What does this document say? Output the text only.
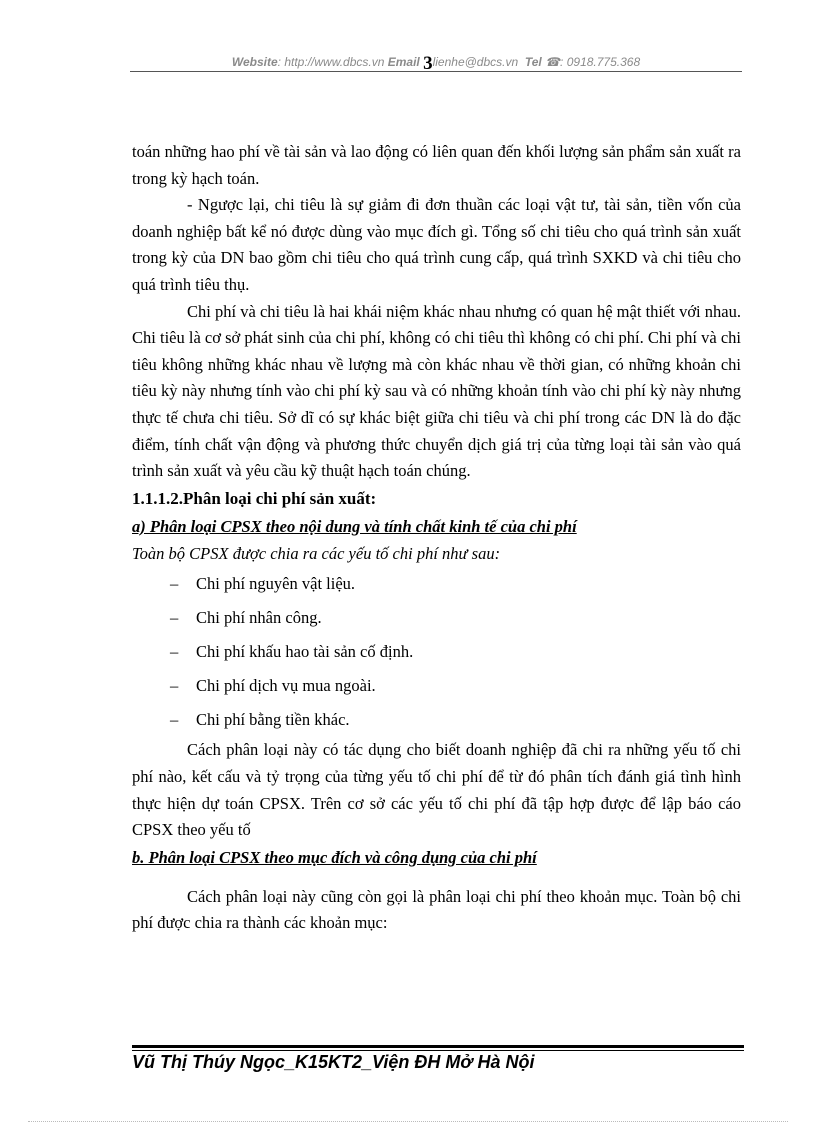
Website: http://www.dbcs.vn Email 3lienhe@dbcs.vn Tel ☎: 0918.775.368

toán những hao phí về tài sản và lao động có liên quan đến khối lượng sản phẩm sản xuất ra trong kỳ hạch toán.

- Ngược lại, chi tiêu là sự giảm đi đơn thuần các loại vật tư, tài sản, tiền vốn của doanh nghiệp bất kể nó được dùng vào mục đích gì. Tổng số chi tiêu cho quá trình sản xuất trong kỳ của DN bao gồm chi tiêu cho quá trình cung cấp, quá trình SXKD và chi tiêu cho quá trình tiêu thụ.

Chi phí và chi tiêu là hai khái niệm khác nhau nhưng có quan hệ mật thiết với nhau. Chi tiêu là cơ sở phát sinh của chi phí, không có chi tiêu thì không có chi phí. Chi phí và chi tiêu không những khác nhau về lượng mà còn khác nhau về thời gian, có những khoản chi tiêu kỳ này nhưng tính vào chi phí kỳ sau và có những khoản tính vào chi phí kỳ này nhưng thực tế chưa chi tiêu. Sở dĩ có sự khác biệt giữa chi tiêu và chi phí trong các DN là do đặc điểm, tính chất vận động và phương thức chuyển dịch giá trị của từng loại tài sản vào quá trình sản xuất và yêu cầu kỹ thuật hạch toán chúng.

1.1.1.2.Phân loại chi phí sản xuất:

a) Phân loại CPSX theo nội dung và tính chất kinh tế của chi phí

Toàn bộ CPSX được chia ra các yếu tố chi phí như sau:

– Chi phí nguyên vật liệu.
– Chi phí nhân công.
– Chi phí khấu hao tài sản cố định.
– Chi phí dịch vụ mua ngoài.
– Chi phí bằng tiền khác.

Cách phân loại này có tác dụng cho biết doanh nghiệp đã chi ra những yếu tố chi phí nào, kết cấu và tỷ trọng của từng yếu tố chi phí để từ đó phân tích đánh giá tình hình thực hiện dự toán CPSX. Trên cơ sở các yếu tố chi phí đã tập hợp được để lập báo cáo CPSX theo yếu tố

b. Phân loại CPSX theo mục đích và công dụng của chi phí

Cách phân loại này cũng còn gọi là phân loại chi phí theo khoản mục. Toàn bộ chi phí được chia ra thành các khoản mục:

Vũ Thị Thúy Ngọc_K15KT2_Viện ĐH Mở Hà Nội
